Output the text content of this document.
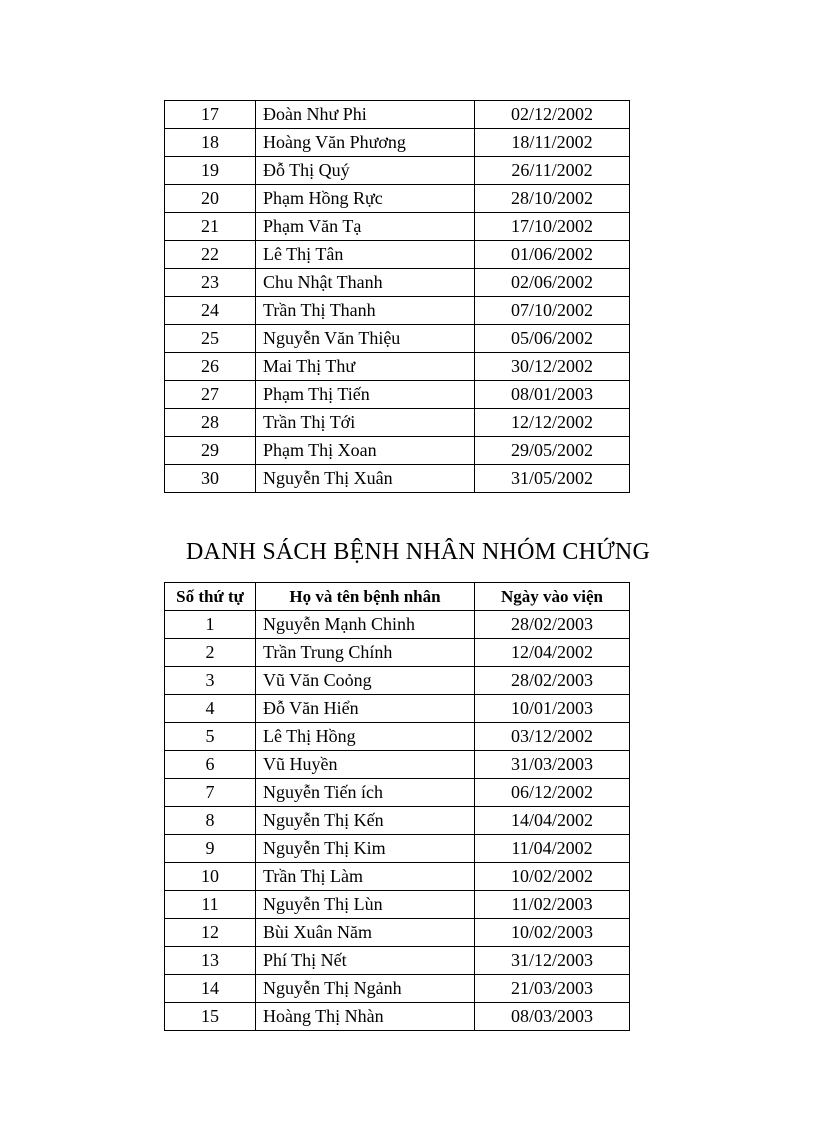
17	Đoàn Như Phi	02/12/2002
18	Hoàng Văn Phương	18/11/2002
19	Đỗ Thị Quý	26/11/2002
20	Phạm Hồng Rực	28/10/2002
21	Phạm Văn Tạ	17/10/2002
22	Lê Thị Tân	01/06/2002
23	Chu Nhật Thanh	02/06/2002
24	Trần Thị Thanh	07/10/2002
25	Nguyễn Văn Thiệu	05/06/2002
26	Mai Thị Thư	30/12/2002
27	Phạm Thị Tiến	08/01/2003
28	Trần Thị Tới	12/12/2002
29	Phạm Thị Xoan	29/05/2002
30	Nguyễn Thị Xuân	31/05/2002
DANH SÁCH BỆNH NHÂN NHÓM CHỨNG
Số thứ tự	Họ và tên bệnh nhân	Ngày vào viện
1	Nguyễn Mạnh Chinh	28/02/2003
2	Trần Trung Chính	12/04/2002
3	Vũ Văn Coỏng	28/02/2003
4	Đỗ Văn Hiển	10/01/2003
5	Lê Thị Hồng	03/12/2002
6	Vũ Huyền	31/03/2003
7	Nguyễn Tiến ích	06/12/2002
8	Nguyễn Thị Kến	14/04/2002
9	Nguyễn Thị Kim	11/04/2002
10	Trần Thị Làm	10/02/2002
11	Nguyễn Thị Lùn	11/02/2003
12	Bùi Xuân Năm	10/02/2003
13	Phí Thị Nết	31/12/2003
14	Nguyễn Thị Ngảnh	21/03/2003
15	Hoàng Thị Nhàn	08/03/2003
